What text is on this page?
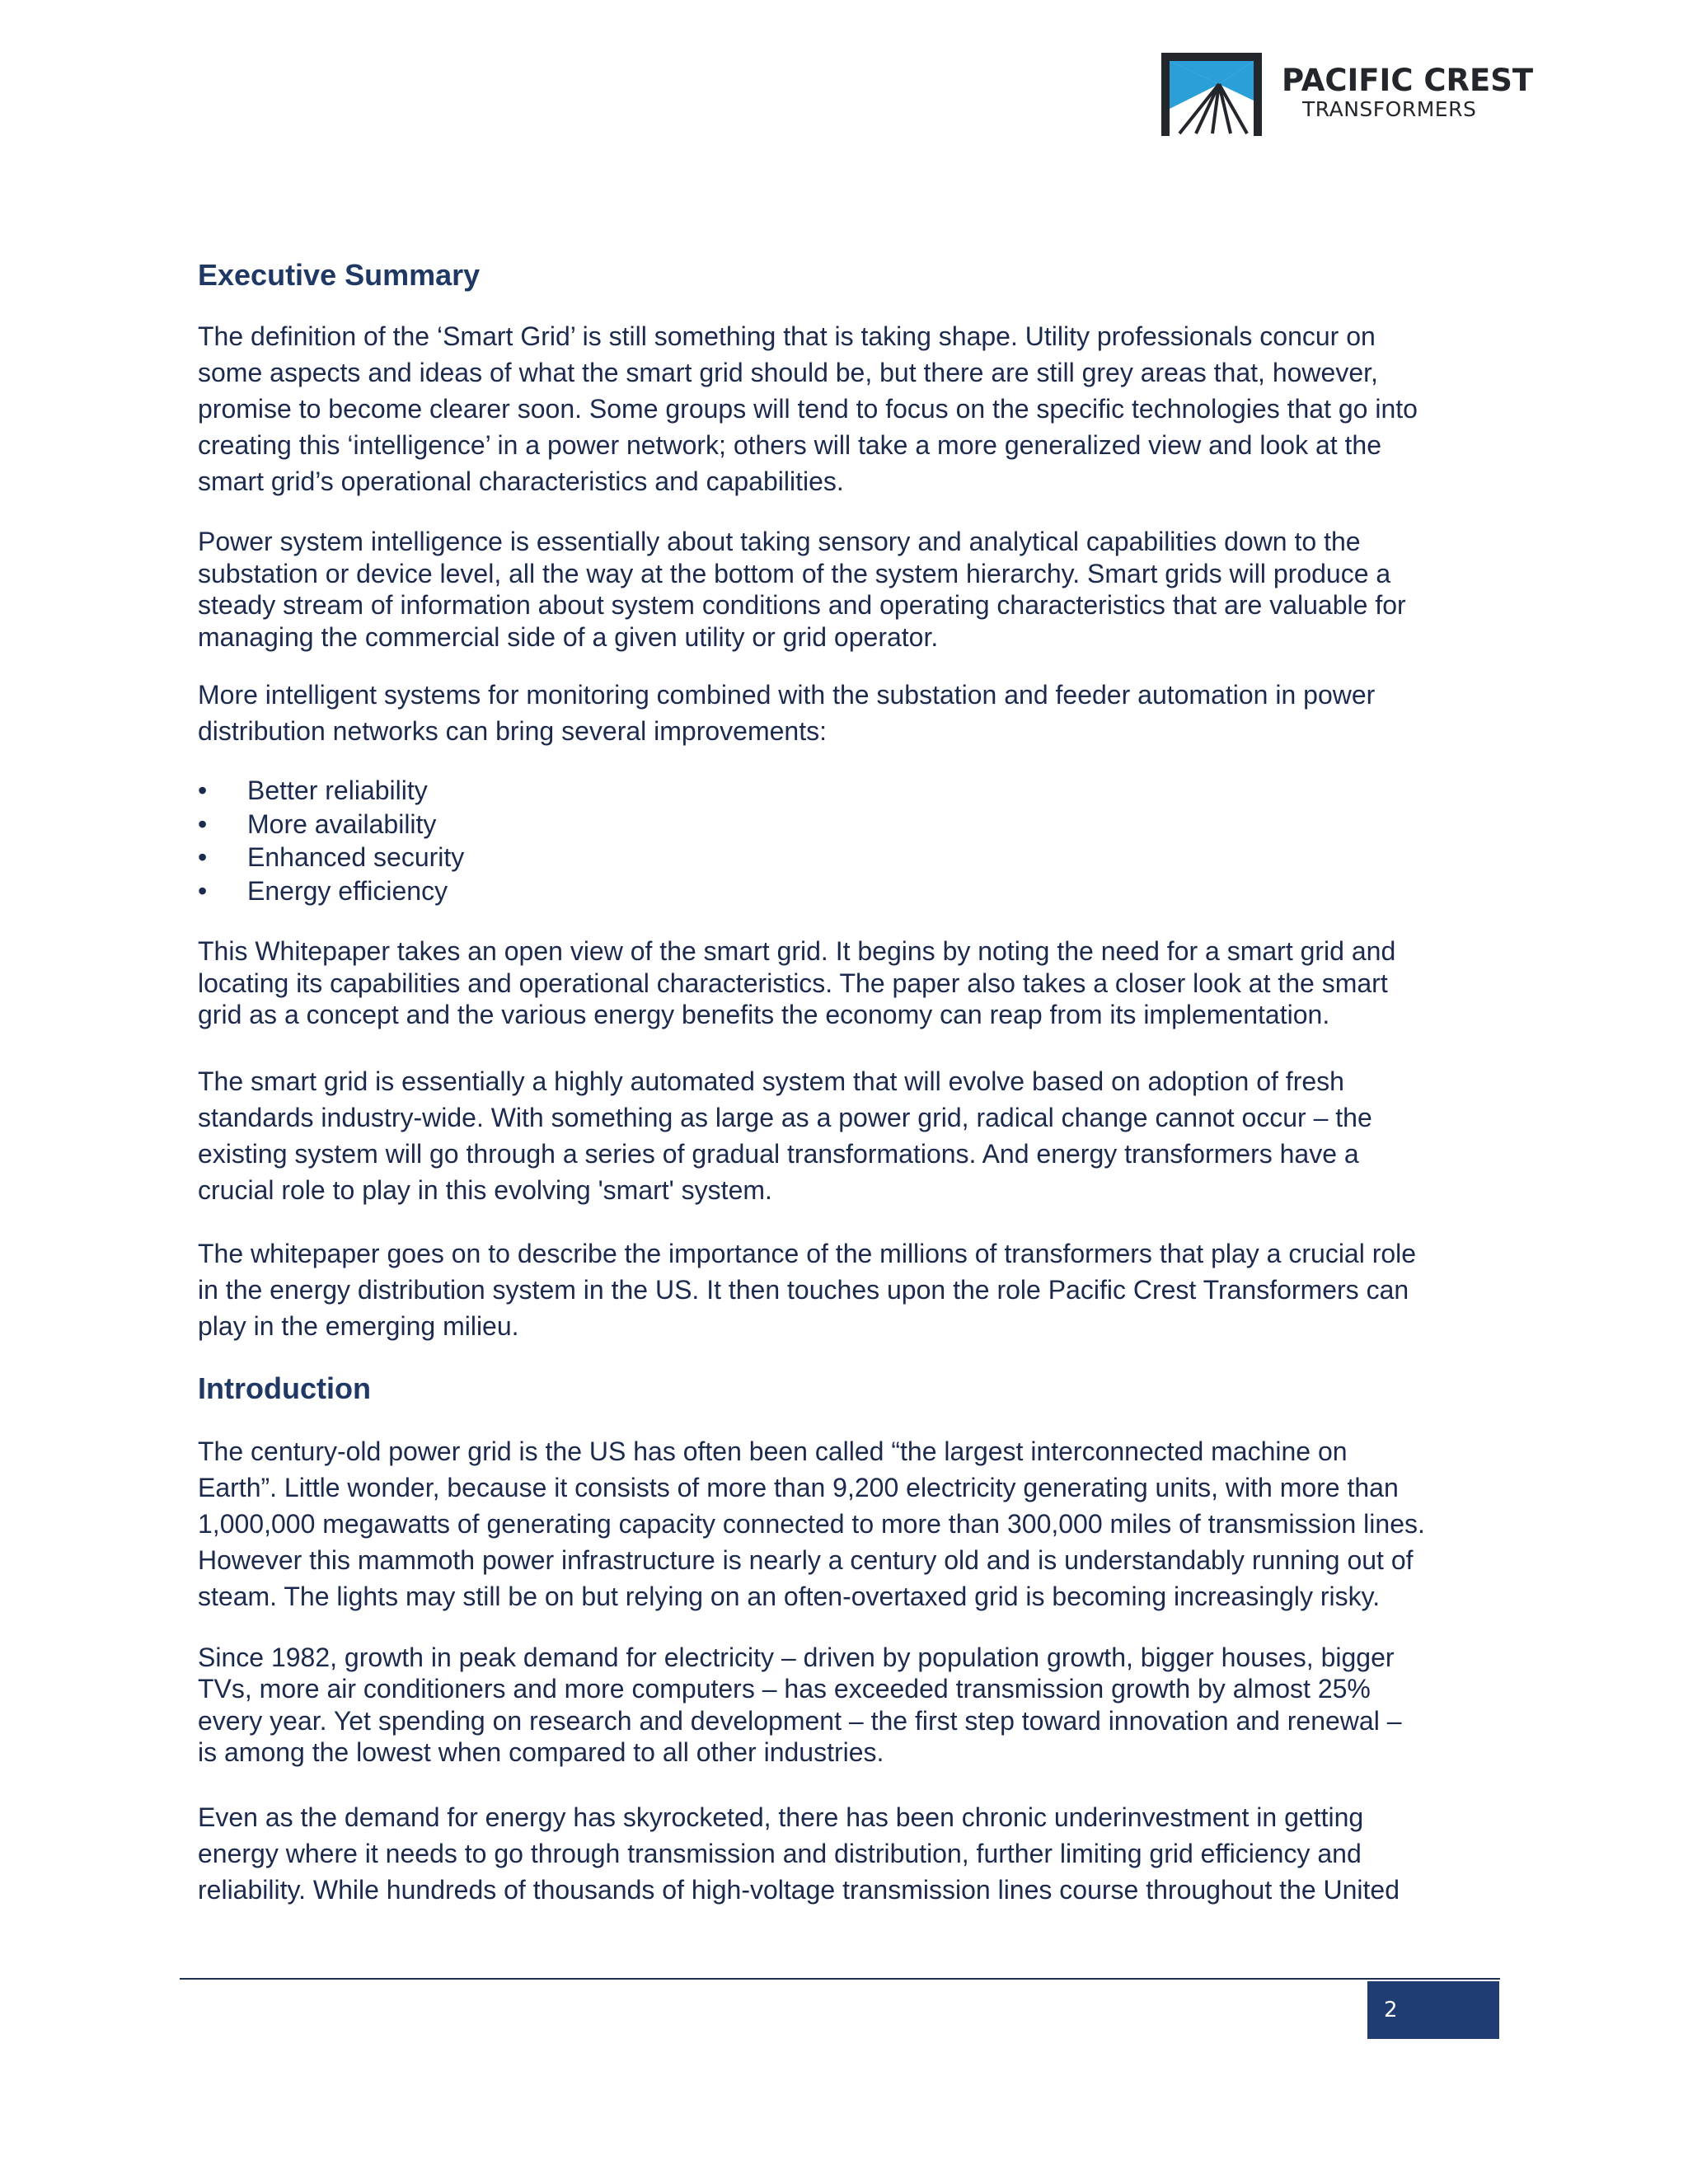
PACIFIC CREST
TRANSFORMERS
Executive Summary
The definition of the ‘Smart Grid’ is still something that is taking shape. Utility professionals concur on
some aspects and ideas of what the smart grid should be, but there are still grey areas that, however,
promise to become clearer soon. Some groups will tend to focus on the specific technologies that go into
creating this ‘intelligence’ in a power network; others will take a more generalized view and look at the
smart grid’s operational characteristics and capabilities.
Power system intelligence is essentially about taking sensory and analytical capabilities down to the
substation or device level, all the way at the bottom of the system hierarchy. Smart grids will produce a
steady stream of information about system conditions and operating characteristics that are valuable for
managing the commercial side of a given utility or grid operator.
More intelligent systems for monitoring combined with the substation and feeder automation in power
distribution networks can bring several improvements:
• Better reliability
• More availability
• Enhanced security
• Energy efficiency
This Whitepaper takes an open view of the smart grid. It begins by noting the need for a smart grid and
locating its capabilities and operational characteristics. The paper also takes a closer look at the smart
grid as a concept and the various energy benefits the economy can reap from its implementation.
The smart grid is essentially a highly automated system that will evolve based on adoption of fresh
standards industry-wide. With something as large as a power grid, radical change cannot occur – the
existing system will go through a series of gradual transformations. And energy transformers have a
crucial role to play in this evolving 'smart' system.
The whitepaper goes on to describe the importance of the millions of transformers that play a crucial role
in the energy distribution system in the US. It then touches upon the role Pacific Crest Transformers can
play in the emerging milieu.
Introduction
The century-old power grid is the US has often been called “the largest interconnected machine on
Earth”. Little wonder, because it consists of more than 9,200 electricity generating units, with more than
1,000,000 megawatts of generating capacity connected to more than 300,000 miles of transmission lines.
However this mammoth power infrastructure is nearly a century old and is understandably running out of
steam. The lights may still be on but relying on an often-overtaxed grid is becoming increasingly risky.
Since 1982, growth in peak demand for electricity – driven by population growth, bigger houses, bigger
TVs, more air conditioners and more computers – has exceeded transmission growth by almost 25%
every year. Yet spending on research and development – the first step toward innovation and renewal –
is among the lowest when compared to all other industries.
Even as the demand for energy has skyrocketed, there has been chronic underinvestment in getting
energy where it needs to go through transmission and distribution, further limiting grid efficiency and
reliability. While hundreds of thousands of high-voltage transmission lines course throughout the United
2
